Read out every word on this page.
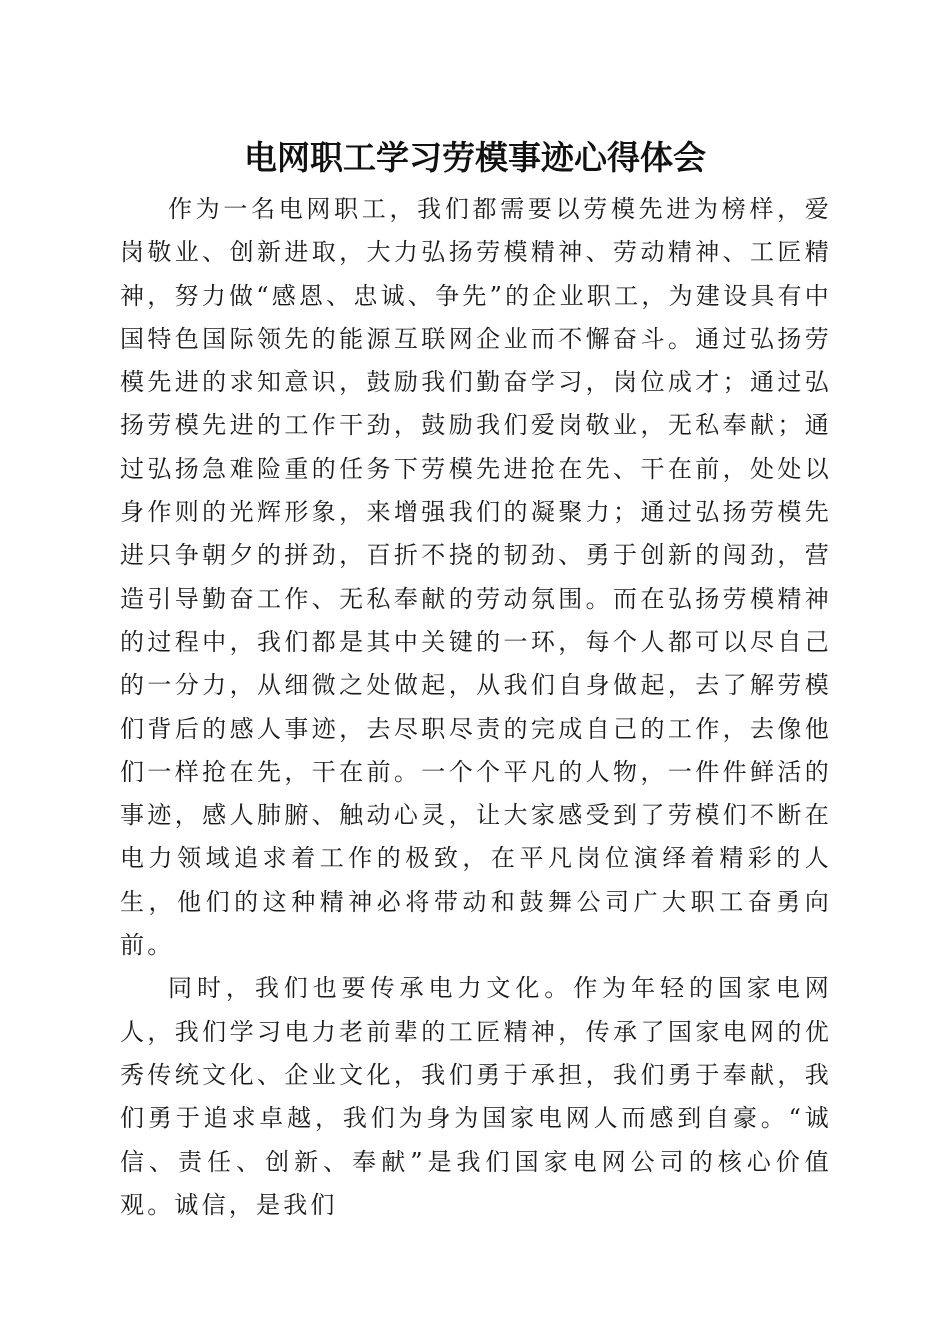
电网职工学习劳模事迹心得体会

作为一名电网职工，我们都需要以劳模先进为榜样，爱岗敬业、创新进取，大力弘扬劳模精神、劳动精神、工匠精神，努力做“感恩、忠诚、争先”的企业职工，为建设具有中国特色国际领先的能源互联网企业而不懈奋斗。通过弘扬劳模先进的求知意识，鼓励我们勤奋学习，岗位成才；通过弘扬劳模先进的工作干劲，鼓励我们爱岗敬业，无私奉献；通过弘扬急难险重的任务下劳模先进抢在先、干在前，处处以身作则的光辉形象，来增强我们的凝聚力；通过弘扬劳模先进只争朝夕的拼劲，百折不挠的韧劲、勇于创新的闯劲，营造引导勤奋工作、无私奉献的劳动氛围。而在弘扬劳模精神的过程中，我们都是其中关键的一环，每个人都可以尽自己的一分力，从细微之处做起，从我们自身做起，去了解劳模们背后的感人事迹，去尽职尽责的完成自己的工作，去像他们一样抢在先，干在前。一个个平凡的人物，一件件鲜活的事迹，感人肺腑、触动心灵，让大家感受到了劳模们不断在电力领域追求着工作的极致，在平凡岗位演绎着精彩的人生，他们的这种精神必将带动和鼓舞公司广大职工奋勇向前。

同时，我们也要传承电力文化。作为年轻的国家电网人，我们学习电力老前辈的工匠精神，传承了国家电网的优秀传统文化、企业文化，我们勇于承担，我们勇于奉献，我们勇于追求卓越，我们为身为国家电网人而感到自豪。“诚信、责任、创新、奉献”是我们国家电网公司的核心价值观。诚信，是我们
